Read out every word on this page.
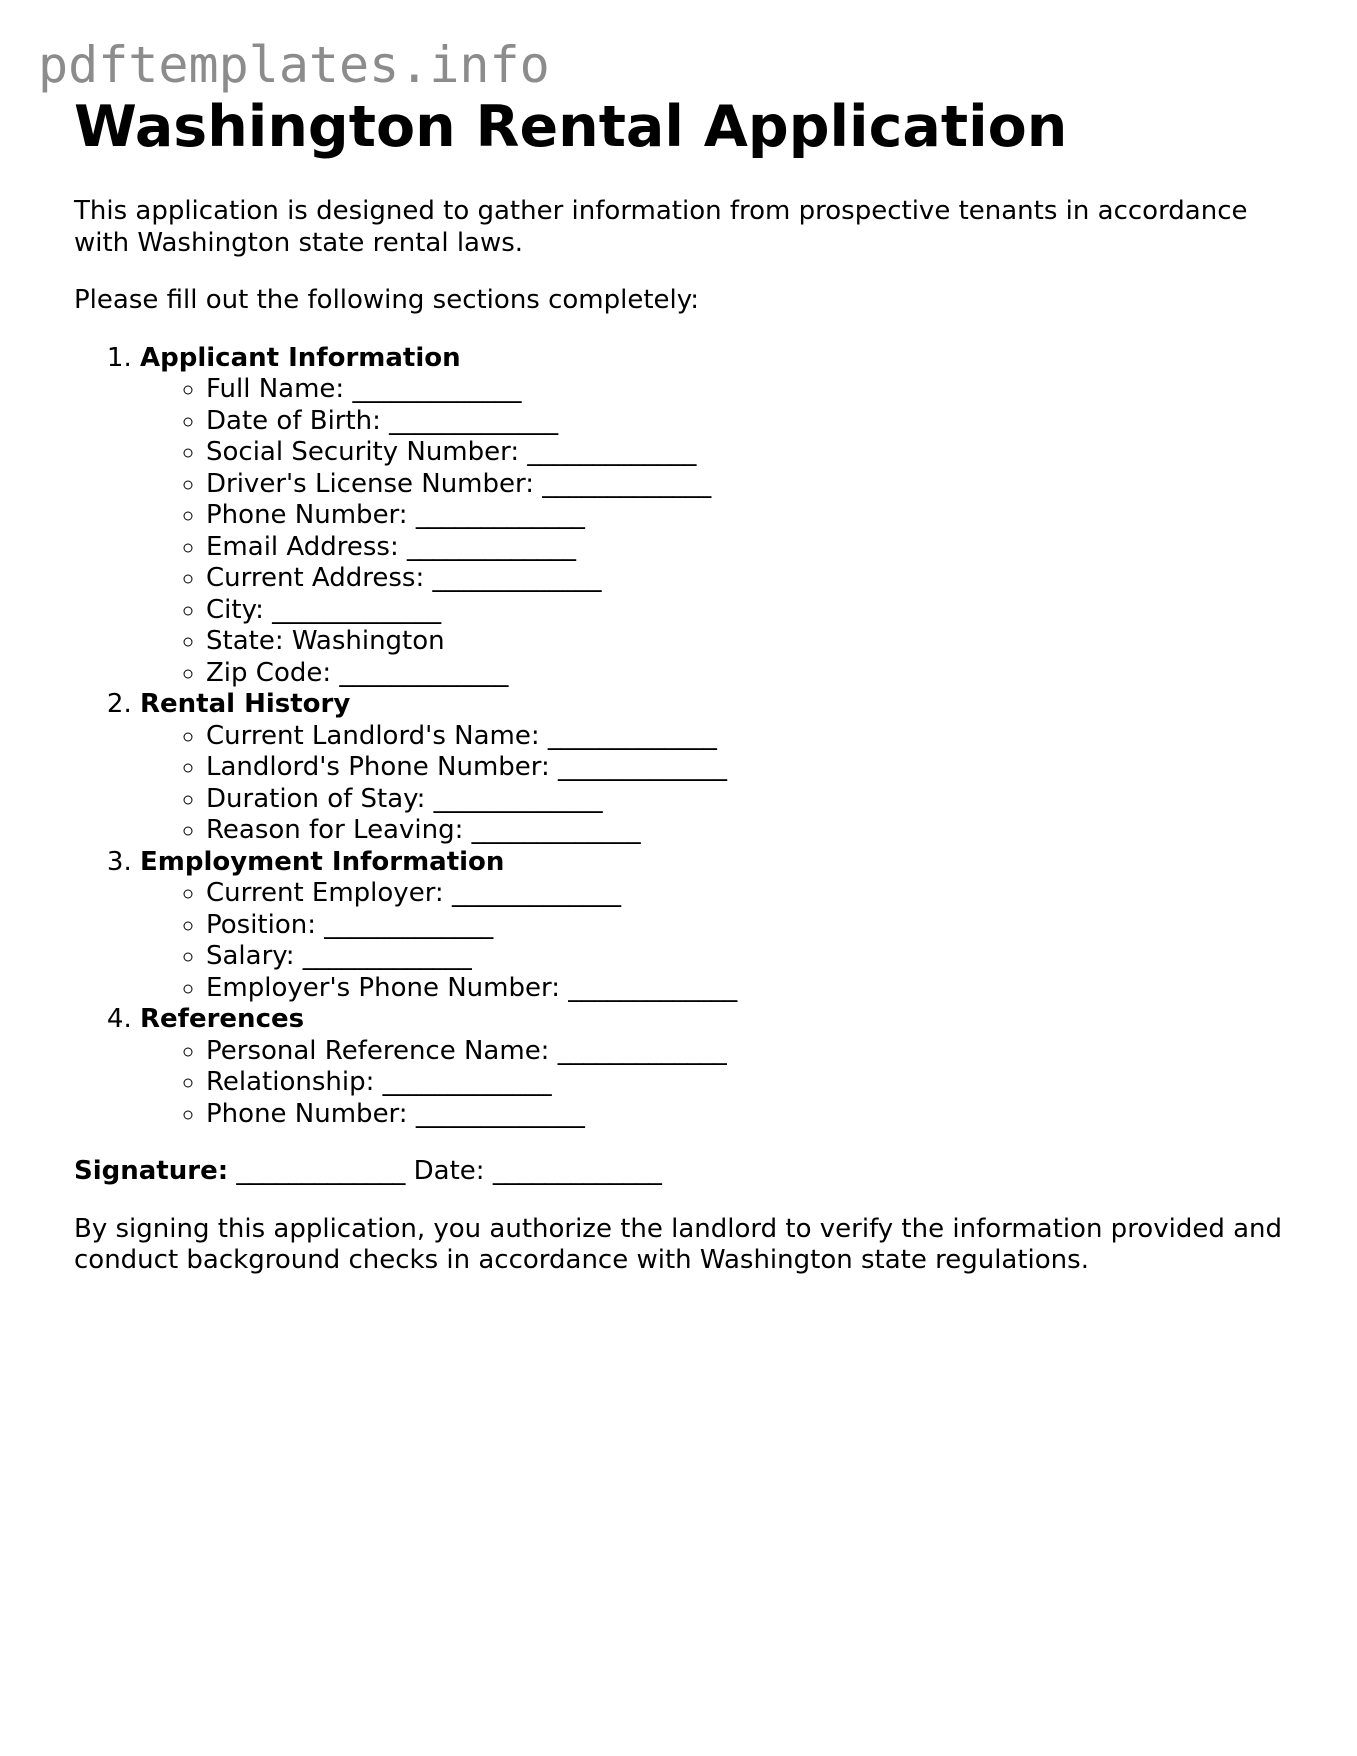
pdftemplates.info
Washington Rental Application

This application is designed to gather information from prospective tenants in accordance with Washington state rental laws.

Please fill out the following sections completely:

1. Applicant Information
◦ Full Name: _____________
◦ Date of Birth: _____________
◦ Social Security Number: _____________
◦ Driver's License Number: _____________
◦ Phone Number: _____________
◦ Email Address: _____________
◦ Current Address: _____________
◦ City: _____________
◦ State: Washington
◦ Zip Code: _____________
2. Rental History
◦ Current Landlord's Name: _____________
◦ Landlord's Phone Number: _____________
◦ Duration of Stay: _____________
◦ Reason for Leaving: _____________
3. Employment Information
◦ Current Employer: _____________
◦ Position: _____________
◦ Salary: _____________
◦ Employer's Phone Number: _____________
4. References
◦ Personal Reference Name: _____________
◦ Relationship: _____________
◦ Phone Number: _____________

Signature: _____________ Date: _____________

By signing this application, you authorize the landlord to verify the information provided and conduct background checks in accordance with Washington state regulations.
